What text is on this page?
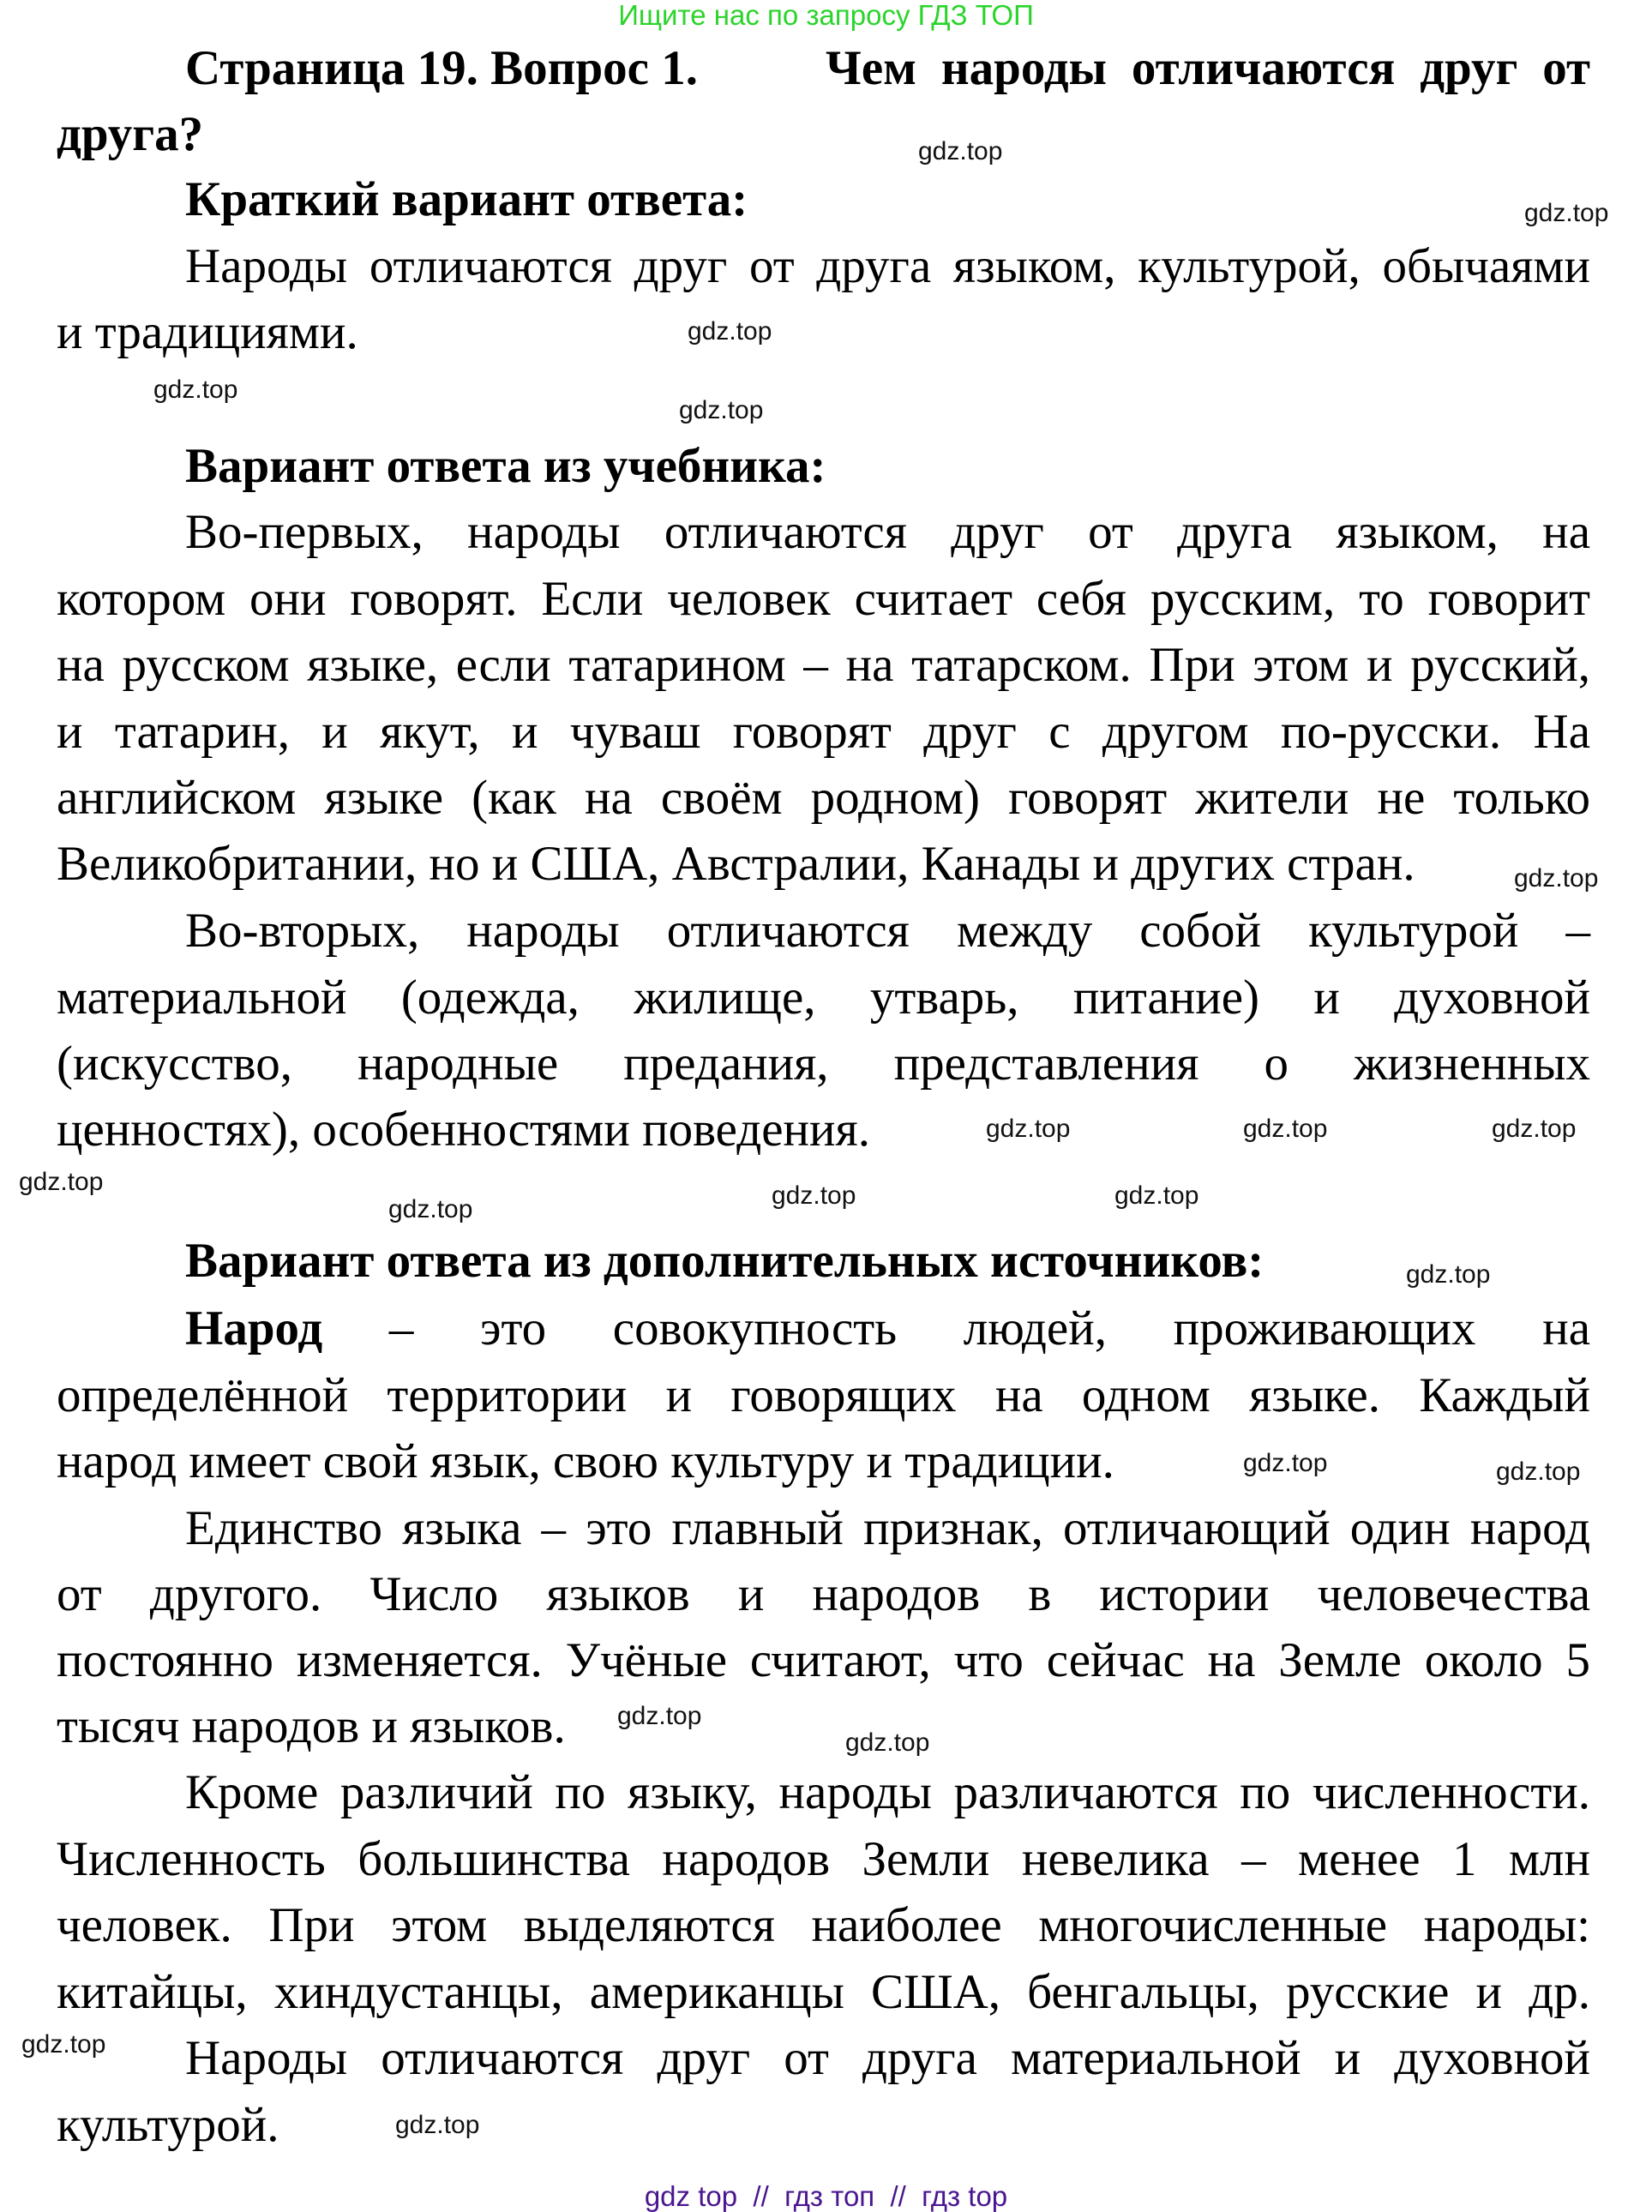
Ищите нас по запросу ГДЗ ТОП
Страница 19. Вопрос 1.	Чем народы отличаются друг от
друга?
Краткий вариант ответа:
Народы отличаются друг от друга языком, культурой, обычаями
и традициями.
Вариант ответа из учебника:
Во-первых, народы отличаются друг от друга языком, на
котором они говорят. Если человек считает себя русским, то говорит
на русском языке, если татарином – на татарском. При этом и русский,
и татарин, и якут, и чуваш говорят друг с другом по-русски. На
английском языке (как на своём родном) говорят жители не только
Великобритании, но и США, Австралии, Канады и других стран.
Во-вторых, народы отличаются между собой культурой –
материальной (одежда, жилище, утварь, питание) и духовной
(искусство, народные предания, представления о жизненных
ценностях), особенностями поведения.
Вариант ответа из дополнительных источников:
Народ – это совокупность людей, проживающих на
определённой территории и говорящих на одном языке. Каждый
народ имеет свой язык, свою культуру и традиции.
Единство языка – это главный признак, отличающий один народ
от другого. Число языков и народов в истории человечества
постоянно изменяется. Учёные считают, что сейчас на Земле около 5
тысяч народов и языков.
Кроме различий по языку, народы различаются по численности.
Численность большинства народов Земли невелика – менее 1 млн
человек. При этом выделяются наиболее многочисленные народы:
китайцы, хиндустанцы, американцы США, бенгальцы, русские и др.
Народы отличаются друг от друга материальной и духовной
культурой.
gdz.top
gdz.top
gdz.top
gdz.top
gdz.top
gdz.top	gdz.top
gdz.top
gdz.top
gdz.top
gdz.top
gdz.top
gdz.top	gdz.top
gdz.top
gdz.top
gdz.top	gdz.top
gdz.top
gdz.top
gdz top  //  гдз топ  //  гдз top
